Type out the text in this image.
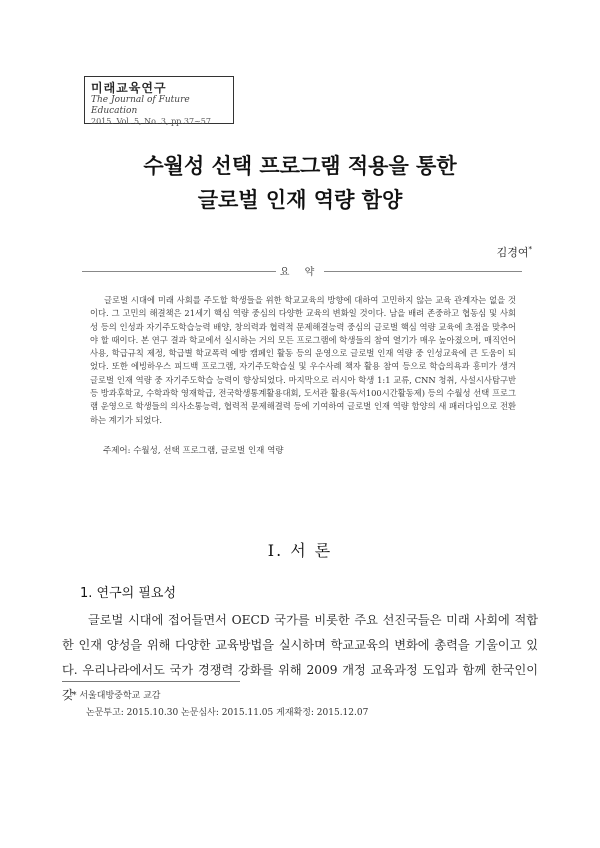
미래교육연구
The Journal of Future Education
2015. Vol. 5, No. 3, pp.37~57
수월성 선택 프로그램 적용을 통한
글로벌 인재 역량 함양
김경여*
요 약

글로벌 시대에 미래 사회를 주도할 학생들을 위한 학교교육의 방향에 대하여 고민하지 않는 교육 관계자는 없을 것이다. 그 고민의 해결책은 21세기 핵심 역량 중심의 다양한 교육의 변화일 것이다. 남을 배려 존중하고 협동심 및 사회성 등의 인성과 자기주도학습능력 배양, 창의력과 협력적 문제해결능력 중심의 글로벌 핵심 역량 교육에 초점을 맞추어야 할 때이다. 본 연구 결과 학교에서 실시하는 거의 모든 프로그램에 학생들의 참여 열기가 매우 높아졌으며, 매직언어 사용, 학급규칙 제정, 학급별 학교폭력 예방 캠페인 활동 등의 운영으로 글로벌 인재 역량 중 인성교육에 큰 도움이 되었다. 또한 에빙하우스 피드백 프로그램, 자기주도학습실 및 우수사례 책자 활용 참여 등으로 학습의욕과 흥미가 생겨 글로벌 인재 역량 중 자기주도학습 능력이 향상되었다. 마지막으로 러시아 학생 1:1 교류, CNN 청취, 사설시사탐구반 등 방과후학교, 수학과학 영재학급, 전국학생통계활용대회, 도서관 활용(독서100시간활동제) 등의 수월성 선택 프로그램 운영으로 학생들의 의사소통능력, 협력적 문제해결력 등에 기여하여 글로벌 인재 역량 함양의 새 패러다임으로 전환하는 계기가 되었다.

주제어: 수월성, 선택 프로그램, 글로벌 인재 역량
I. 서 론
1. 연구의 필요성

글로벌 시대에 접어들면서 OECD 국가를 비롯한 주요 선진국들은 미래 사회에 적합한 인재 양성을 위해 다양한 교육방법을 실시하며 학교교육의 변화에 총력을 기울이고 있다. 우리나라에서도 국가 경쟁력 강화를 위해 2009 개정 교육과정 도입과 함께 한국인이 갖

* 서울대방중학교 교감
논문투고: 2015.10.30 논문심사: 2015.11.05 게재확정: 2015.12.07
